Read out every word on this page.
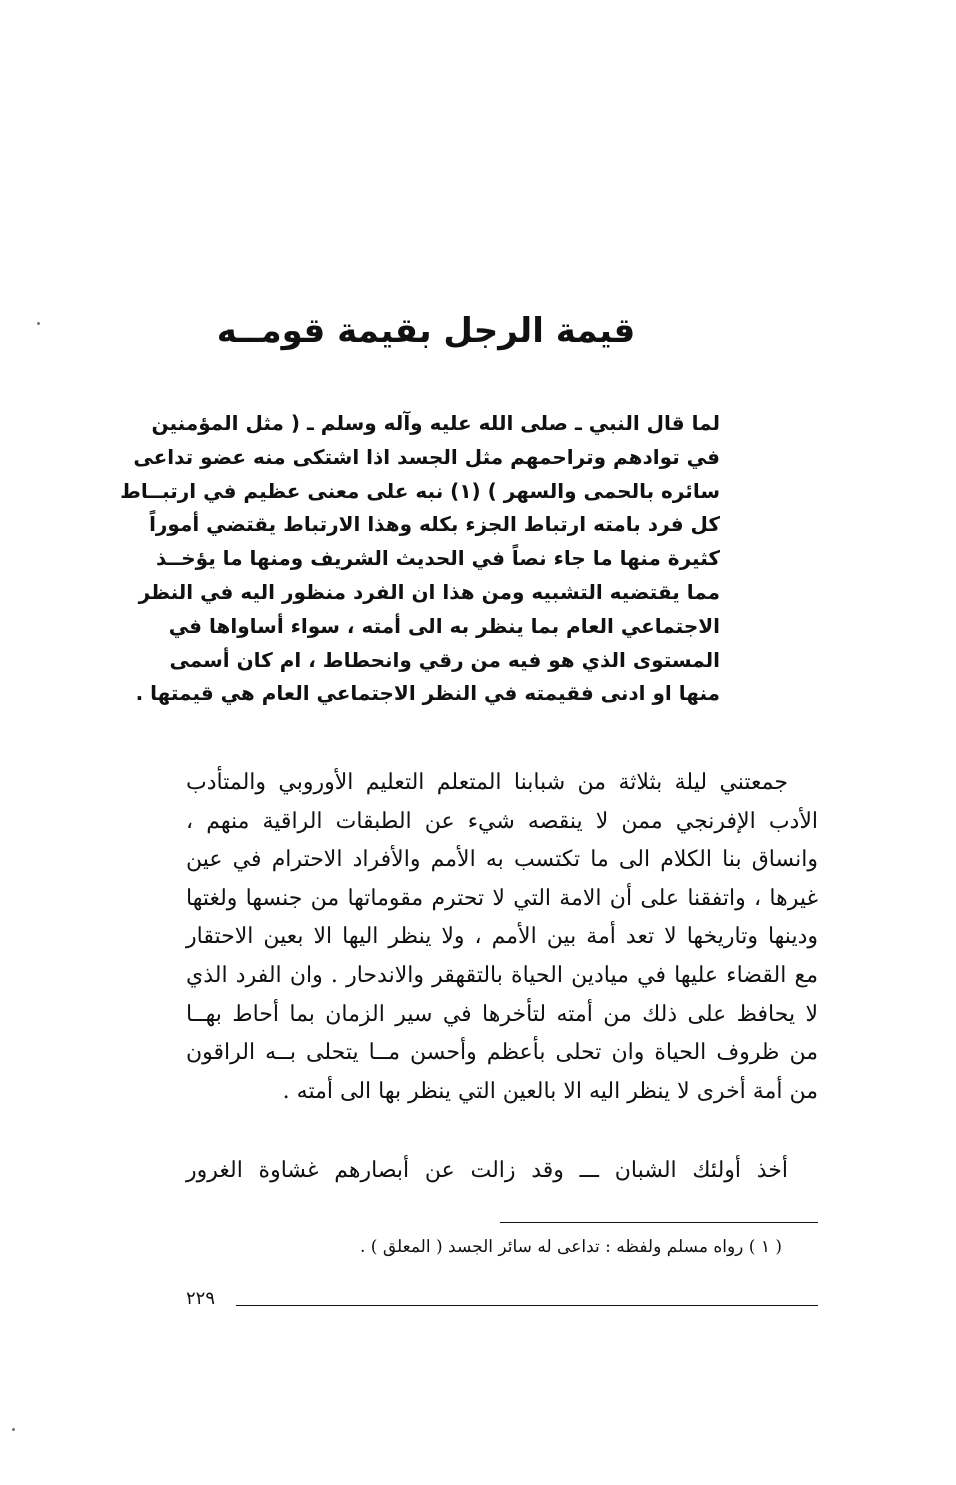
قيمة الرجل بقيمة قومــه
لما قال النبي ـ صلى الله عليه وآله وسلم ـ ( مثل المؤمنين
في توادهم وتراحمهم مثل الجسد اذا اشتكى منه عضو تداعى
سائره بالحمى والسهر ) (١) نبه على معنى عظيم في ارتبــاط
كل فرد بامته ارتباط الجزء بكله وهذا الارتباط يقتضي أموراً
كثيرة منها ما جاء نصاً في الحديث الشريف ومنها ما يؤخــذ
مما يقتضيه التشبيه ومن هذا ان الفرد منظور اليه في النظر
الاجتماعي العام بما ينظر به الى أمته ، سواء أساواها في
المستوى الذي هو فيه من رقي وانحطاط ، ام كان أسمى
منها او ادنى فقيمته في النظر الاجتماعي العام هي قيمتها .
جمعتني ليلة بثلاثة من شبابنا المتعلم التعليم الأوروبي والمتأدب
الأدب الإفرنجي ممن لا ينقصه شيء عن الطبقات الراقية منهم ،
وانساق بنا الكلام الى ما تكتسب به الأمم والأفراد الاحترام في عين
غيرها ، واتفقنا على أن الامة التي لا تحترم مقوماتها من جنسها ولغتها
ودينها وتاريخها لا تعد أمة بين الأمم ، ولا ينظر اليها الا بعين الاحتقار
مع القضاء عليها في ميادين الحياة بالتقهقر والاندحار . وان الفرد الذي
لا يحافظ على ذلك من أمته لتأخرها في سير الزمان بما أحاط بهــا
من ظروف الحياة وان تحلى بأعظم وأحسن مــا يتحلى بــه الراقون
من أمة أخرى لا ينظر اليه الا بالعين التي ينظر بها الى أمته .
أخذ أولئك الشبان ـــ وقد زالت عن أبصارهم غشاوة الغرور
( ١ ) رواه مسلم ولفظه : تداعى له سائر الجسد ( المعلق ) .
٢٢٩
